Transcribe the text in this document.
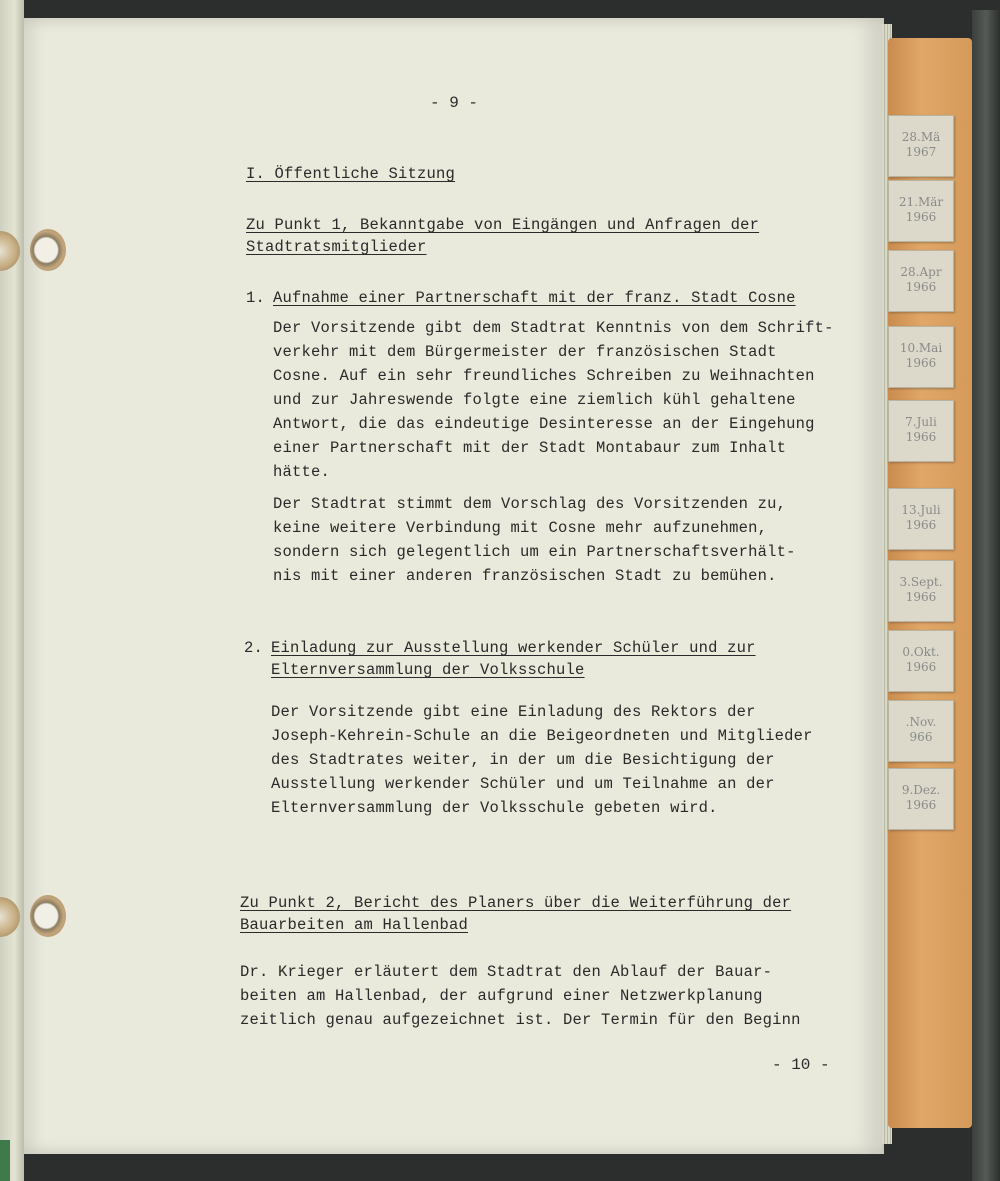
28.Mä
1967
21.Mär
1966
28.Apr
1966
10.Mai
1966
7.Juli
1966
13.Juli
1966
3.Sept.
1966
0.Okt.
1966
.Nov.
966
9.Dez.
1966
- 9 -
I. Öffentliche Sitzung
Zu Punkt 1, Bekanntgabe von Eingängen und Anfragen der
Stadtratsmitglieder
1. Aufnahme einer Partnerschaft mit der franz. Stadt Cosne
Der Vorsitzende gibt dem Stadtrat Kenntnis von dem Schrift-
verkehr mit dem Bürgermeister der französischen Stadt
Cosne. Auf ein sehr freundliches Schreiben zu Weihnachten
und zur Jahreswende folgte eine ziemlich kühl gehaltene
Antwort, die das eindeutige Desinteresse an der Eingehung
einer Partnerschaft mit der Stadt Montabaur zum Inhalt
hätte.
Der Stadtrat stimmt dem Vorschlag des Vorsitzenden zu,
keine weitere Verbindung mit Cosne mehr aufzunehmen,
sondern sich gelegentlich um ein Partnerschaftsverhält-
nis mit einer anderen französischen Stadt zu bemühen.
2. Einladung zur Ausstellung werkender Schüler und zur
Elternversammlung der Volksschule
Der Vorsitzende gibt eine Einladung des Rektors der
Joseph-Kehrein-Schule an die Beigeordneten und Mitglieder
des Stadtrates weiter, in der um die Besichtigung der
Ausstellung werkender Schüler und um Teilnahme an der
Elternversammlung der Volksschule gebeten wird.
Zu Punkt 2, Bericht des Planers über die Weiterführung der
Bauarbeiten am Hallenbad
Dr. Krieger erläutert dem Stadtrat den Ablauf der Bauar-
beiten am Hallenbad, der aufgrund einer Netzwerkplanung
zeitlich genau aufgezeichnet ist. Der Termin für den Beginn
- 10 -
